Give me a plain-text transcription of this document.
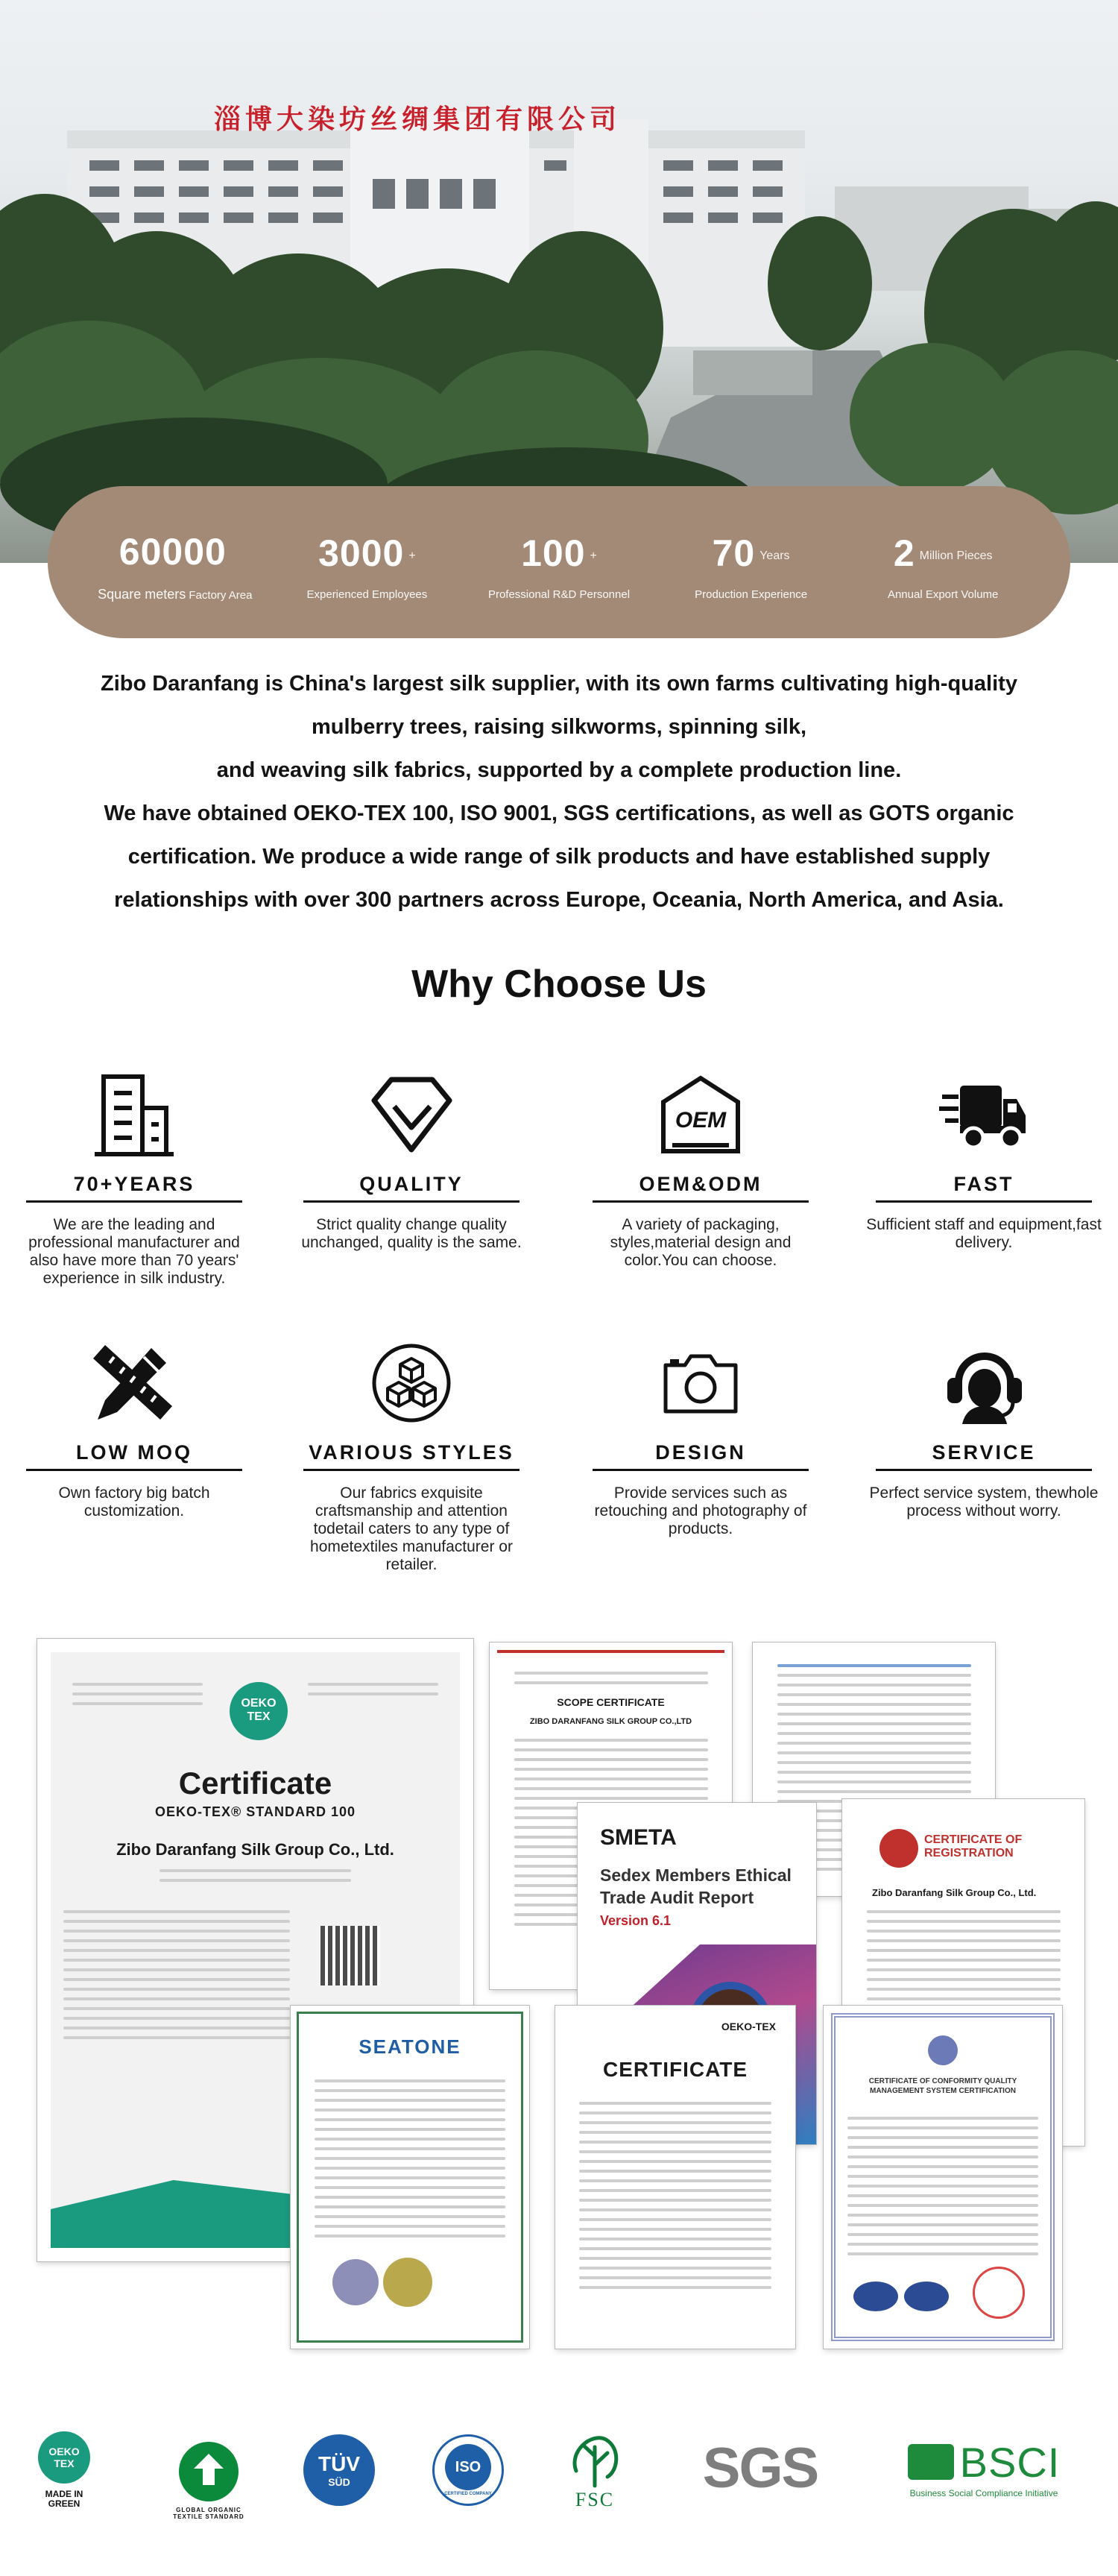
淄博大染坊丝绸集团有限公司
60000
Square meters Factory Area
3000 +
Experienced Employees
100 +
Professional R&D Personnel
70 Years
Production Experience
2 Million Pieces
Annual Export Volume

Zibo Daranfang is China's largest silk supplier, with its own farms cultivating high-quality

mulberry trees, raising silkworms, spinning silk,

and weaving silk fabrics, supported by a complete production line.

We have obtained OEKO-TEX 100, ISO 9001, SGS certifications, as well as GOTS organic

certification. We produce a wide range of silk products and have established supply

relationships with over 300 partners across Europe, Oceania, North America, and Asia.

Why Choose Us
70+YEARS
We are the leading and professional manufacturer and also have more than 70 years' experience in silk industry.
QUALITY
Strict quality change quality unchanged, quality is the same.
OEM
OEM&ODM
A variety of packaging, styles,material design and color.You can choose.
FAST
Sufficient staff and equipment,fast delivery.
LOW MOQ
Own factory big batch customization.
VARIOUS STYLES
Our fabrics exquisite craftsmanship and attention todetail caters to any type of hometextiles manufacturer or retailer.
DESIGN
Provide services such as retouching and photography of products.
SERVICE
Perfect service system, thewhole process without worry.
OEKO TEX
Certificate
OEKO-TEX® STANDARD 100
Zibo Daranfang Silk Group Co., Ltd.
SCOPE CERTIFICATE
ZIBO DARANFANG SILK GROUP CO.,LTD
CERTIFICATE OF REGISTRATION
Zibo Daranfang Silk Group Co., Ltd.
SMETA
Sedex Members Ethical Trade Audit Report
Version 6.1
SEATONE
OEKO-TEX
CERTIFICATE
CERTIFICATE OF CONFORMITY QUALITY MANAGEMENT SYSTEM CERTIFICATION
OEKO TEX
MADE IN GREEN
GLOBAL ORGANIC TEXTILE STANDARD
TÜV
SÜD
ISO
CERTIFIED COMPANY	FSC SGS	BSCI
Business Social Compliance Initiative
